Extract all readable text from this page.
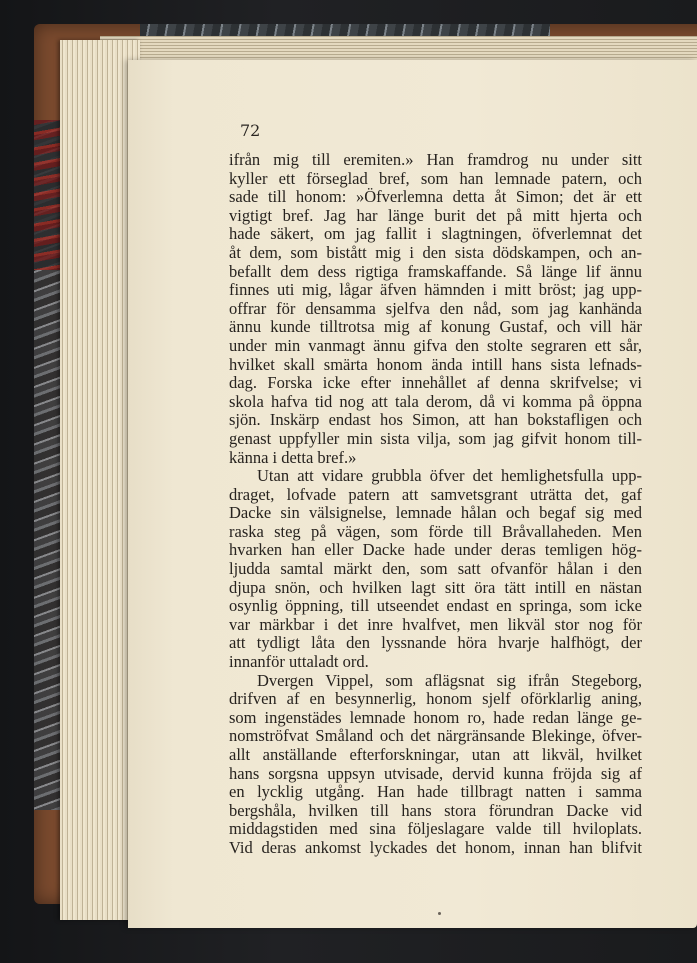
72
ifrån mig till eremiten.» Han framdrog nu under sitt
kyller ett förseglad bref, som han lemnade patern, och
sade till honom: »Öfverlemna detta åt Simon; det är ett
vigtigt bref. Jag har länge burit det på mitt hjerta och
hade säkert, om jag fallit i slagtningen, öfverlemnat det
åt dem, som bistått mig i den sista dödskampen, och an-
befallt dem dess rigtiga framskaffande. Så länge lif ännu
finnes uti mig, lågar äfven hämnden i mitt bröst; jag upp-
offrar för densamma sjelfva den nåd, som jag kanhända
ännu kunde tilltrotsa mig af konung Gustaf, och vill här
under min vanmagt ännu gifva den stolte segraren ett sår,
hvilket skall smärta honom ända intill hans sista lefnads-
dag. Forska icke efter innehållet af denna skrifvelse; vi
skola hafva tid nog att tala derom, då vi komma på öppna
sjön. Inskärp endast hos Simon, att han bokstafligen och
genast uppfyller min sista vilja, som jag gifvit honom till-
känna i detta bref.»
Utan att vidare grubbla öfver det hemlighetsfulla upp-
draget, lofvade patern att samvetsgrant uträtta det, gaf
Dacke sin välsignelse, lemnade hålan och begaf sig med
raska steg på vägen, som förde till Bråvallaheden. Men
hvarken han eller Dacke hade under deras temligen hög-
ljudda samtal märkt den, som satt ofvanför hålan i den
djupa snön, och hvilken lagt sitt öra tätt intill en nästan
osynlig öppning, till utseendet endast en springa, som icke
var märkbar i det inre hvalfvet, men likväl stor nog för
att tydligt låta den lyssnande höra hvarje halfhögt, der
innanför uttaladt ord.
Dvergen Vippel, som aflägsnat sig ifrån Stegeborg,
drifven af en besynnerlig, honom sjelf oförklarlig aning,
som ingenstädes lemnade honom ro, hade redan länge ge-
nomströfvat Småland och det närgränsande Blekinge, öfver-
allt anställande efterforskningar, utan att likväl, hvilket
hans sorgsna uppsyn utvisade, dervid kunna fröjda sig af
en lycklig utgång. Han hade tillbragt natten i samma
bergshåla, hvilken till hans stora förundran Dacke vid
middagstiden med sina följeslagare valde till hviloplats.
Vid deras ankomst lyckades det honom, innan han blifvit
